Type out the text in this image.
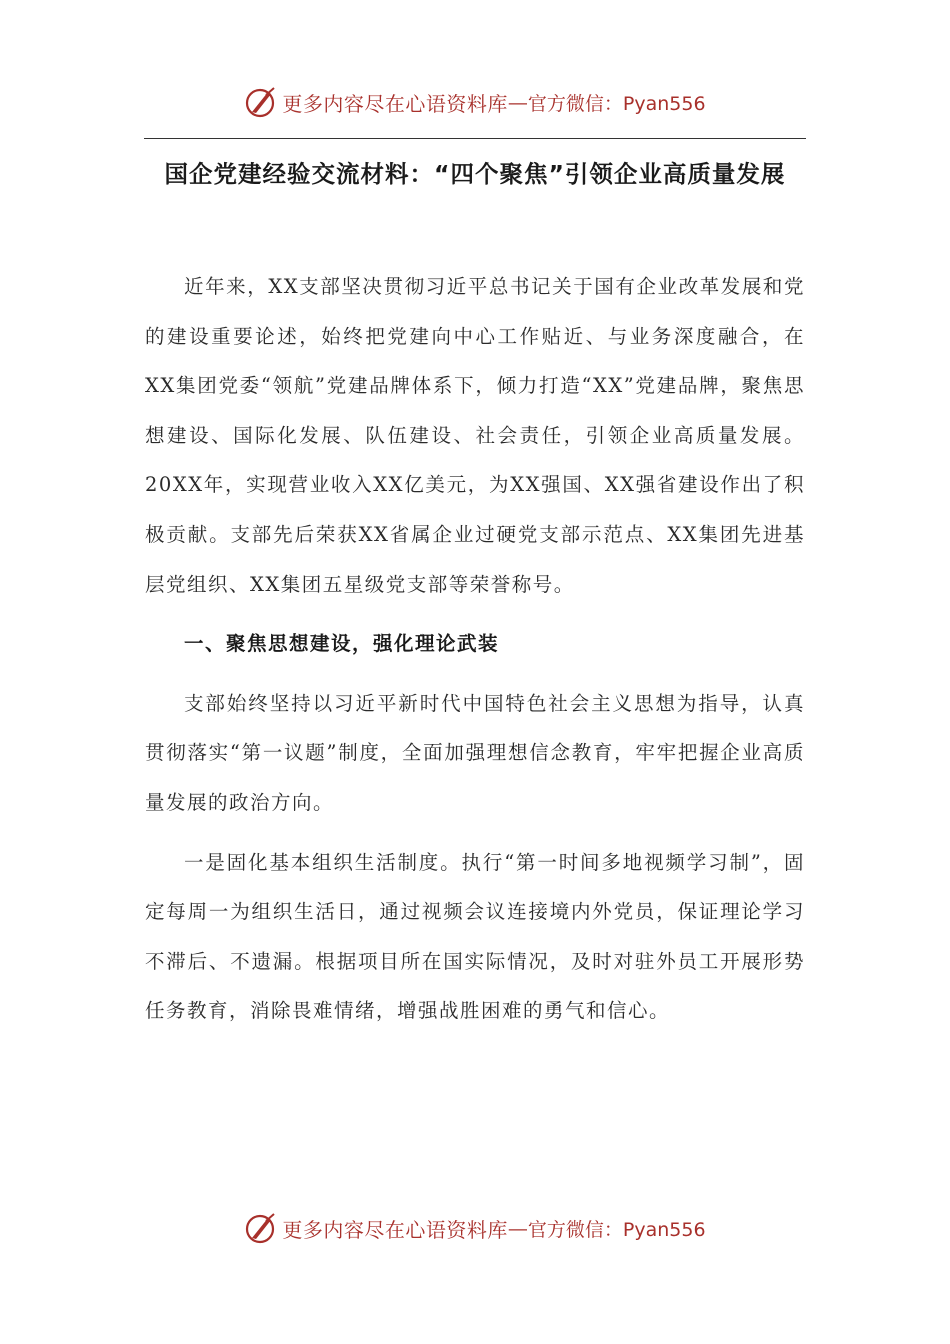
更多内容尽在心语资料库 — 官方微信：Pyan556
国企党建经验交流材料：“四个聚焦”引领企业高质量发展

近年来，XX支部坚决贯彻习近平总书记关于国有企业改革发展和党的建设重要论述，始终把党建向中心工作贴近、与业务深度融合，在XX集团党委“领航”党建品牌体系下，倾力打造“XX”党建品牌，聚焦思想建设、国际化发展、队伍建设、社会责任，引领企业高质量发展。20XX年，实现营业收入XX亿美元，为XX强国、XX强省建设作出了积极贡献。支部先后荣获XX省属企业过硬党支部示范点、XX集团先进基层党组织、XX集团五星级党支部等荣誉称号。

一、聚焦思想建设，强化理论武装

支部始终坚持以习近平新时代中国特色社会主义思想为指导，认真贯彻落实“第一议题”制度，全面加强理想信念教育，牢牢把握企业高质量发展的政治方向。

一是固化基本组织生活制度。执行“第一时间多地视频学习制”，固定每周一为组织生活日，通过视频会议连接境内外党员，保证理论学习不滞后、不遗漏。根据项目所在国实际情况，及时对驻外员工开展形势任务教育，消除畏难情绪，增强战胜困难的勇气和信心。

更多内容尽在心语资料库 — 官方微信：Pyan556
